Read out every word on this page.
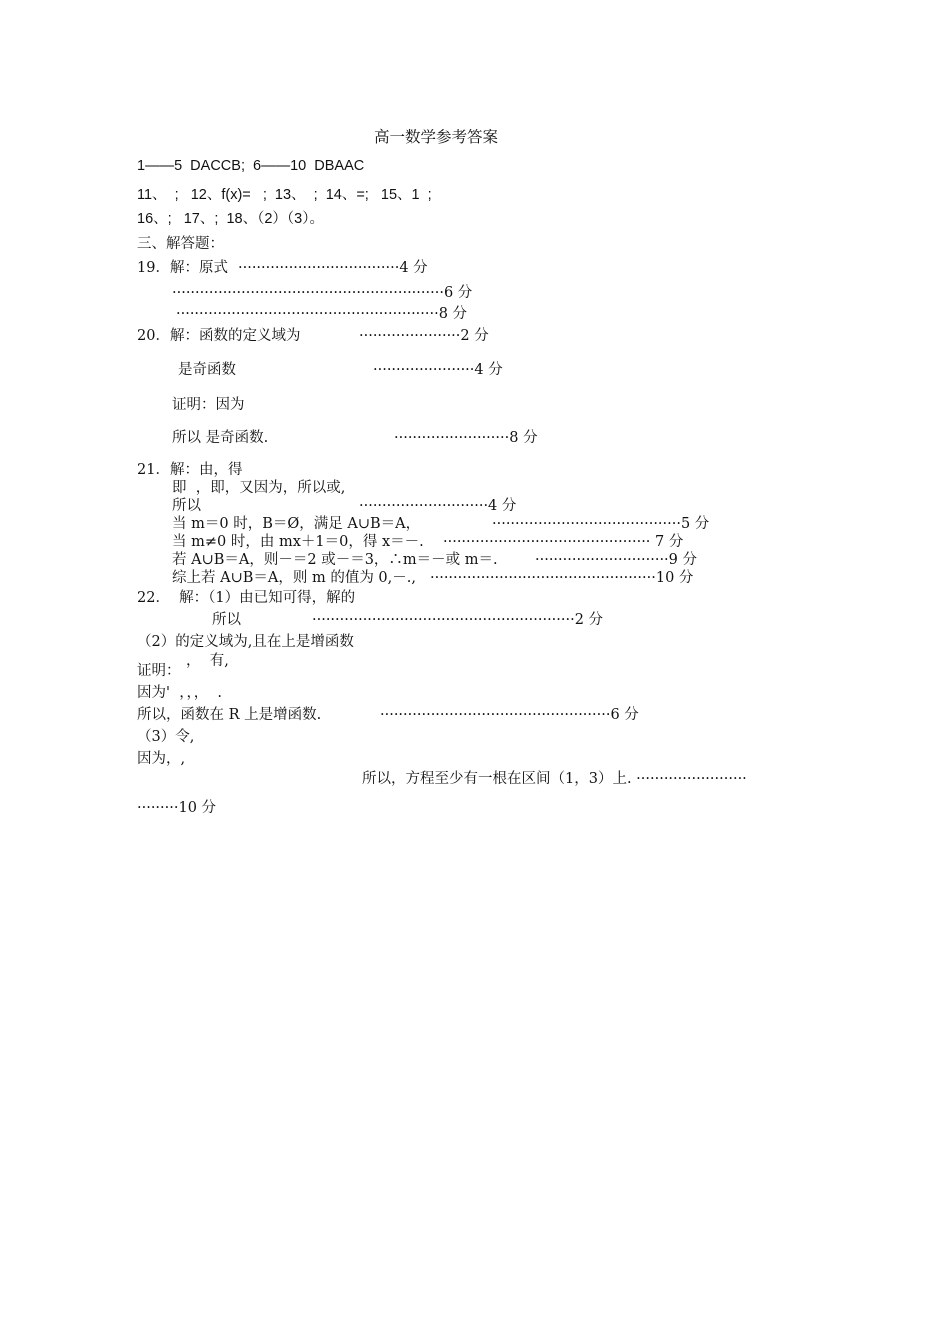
高一数学参考答案
1——5  DACCB;  6——10  DBAAC
11、  ;   12、f(x)=   ;  13、  ;  14、=;   15、1  ;
16、;   17、;  18、（2）（3）。
三、解答题：
19．解：原式 ···································4 分
···························································6 分
·························································8 分
20．解：函数的定义域为	······················2 分
是奇函数	······················4 分
证明：因为
所以 是奇函数.	·························8 分
21．解：由，得
即  ，即，又因为，所以或,
所以	····························4 分
当 m＝0 时，B＝Ø，满足 A∪B＝A，	·········································5 分
当 m≠0 时，由 mx＋1＝0，得 x＝－. ············································· 7 分
若 A∪B＝A，则－＝2 或－＝3，∴m＝－或 m＝.	·····························9 分
综上若 A∪B＝A，则 m 的值为 0,－., ·················································10 分
22．  解：（1）由已知可得，解的
所以	·························································2 分
（2）的定义域为,且在上是增函数
，  有,
证明：
因为'  ，，，  .
所以，函数在 R 上是增函数.	··················································6 分
（3）令,
因为，,
所以，方程至少有一根在区间（1，3）上. ························
·········10 分
